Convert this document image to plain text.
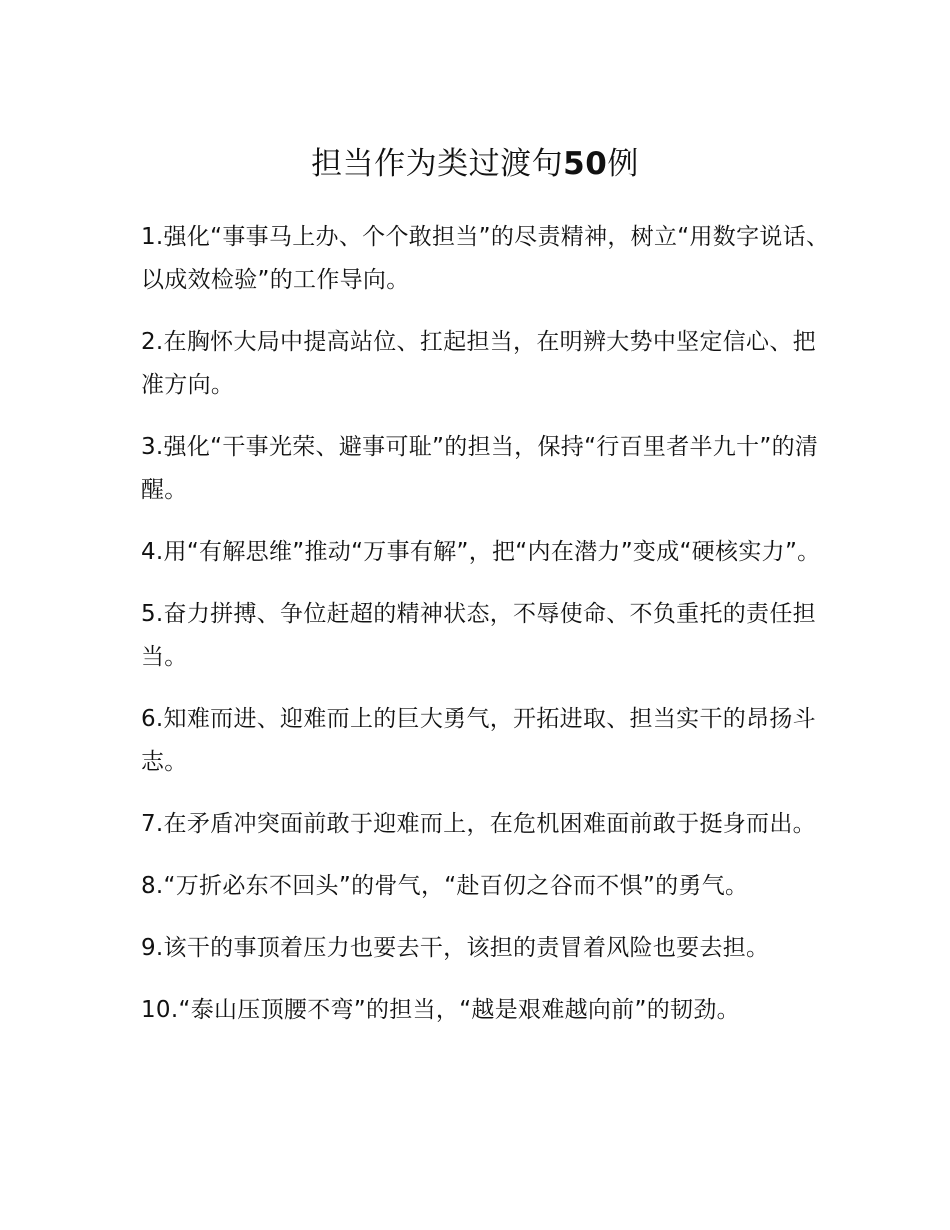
担当作为类过渡句50例

1.强化“事事马上办、个个敢担当”的尽责精神，树立“用数字说话、以成效检验”的工作导向。

2.在胸怀大局中提高站位、扛起担当，在明辨大势中坚定信心、把准方向。

3.强化“干事光荣、避事可耻”的担当，保持“行百里者半九十”的清醒。

4.用“有解思维”推动“万事有解”，把“内在潜力”变成“硬核实力”。

5.奋力拼搏、争位赶超的精神状态，不辱使命、不负重托的责任担当。

6.知难而进、迎难而上的巨大勇气，开拓进取、担当实干的昂扬斗志。

7.在矛盾冲突面前敢于迎难而上，在危机困难面前敢于挺身而出。

8.“万折必东不回头”的骨气，“赴百仞之谷而不惧”的勇气。

9.该干的事顶着压力也要去干，该担的责冒着风险也要去担。

10.“泰山压顶腰不弯”的担当，“越是艰难越向前”的韧劲。
